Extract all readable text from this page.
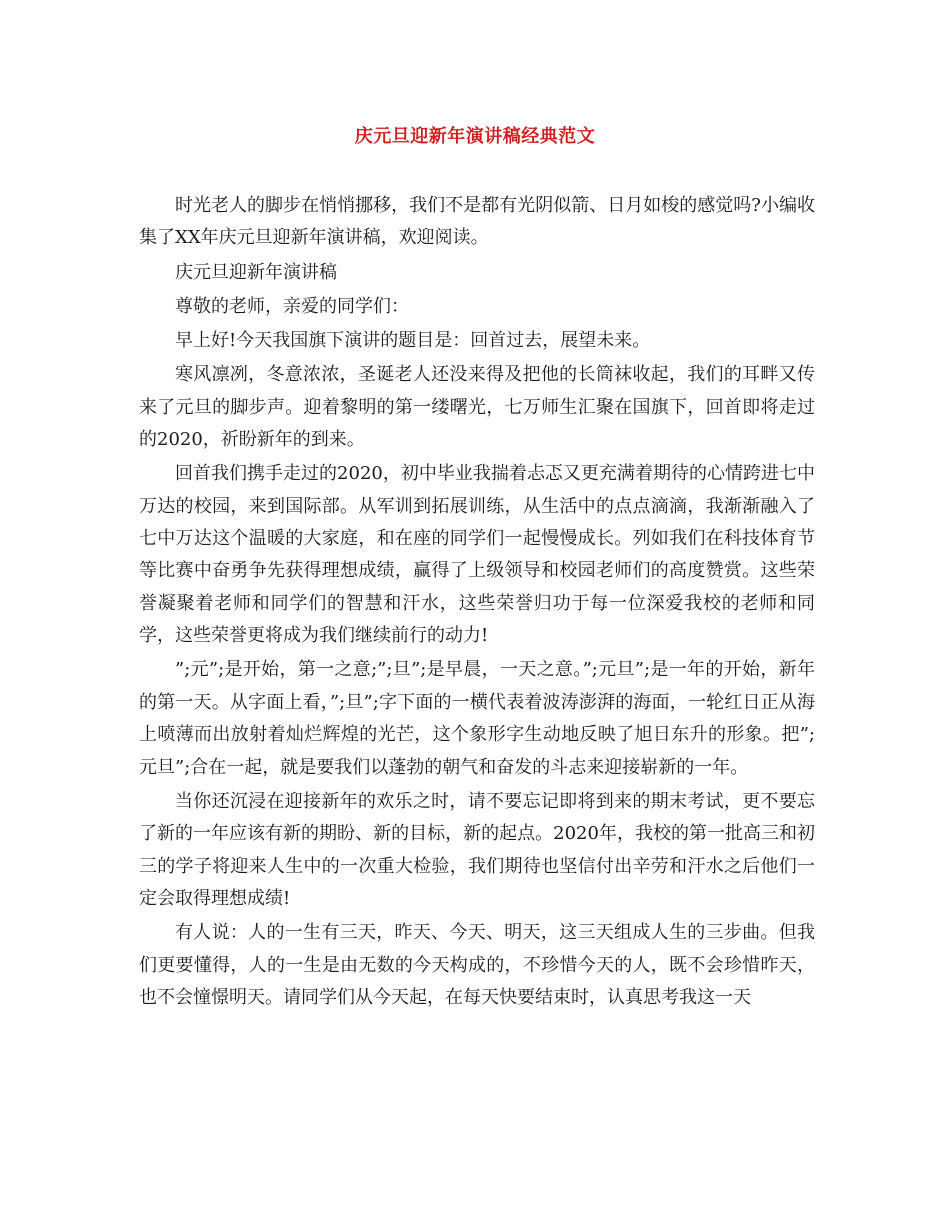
庆元旦迎新年演讲稿经典范文

时光老人的脚步在悄悄挪移，我们不是都有光阴似箭、日月如梭的感觉吗?小编收集了XX年庆元旦迎新年演讲稿，欢迎阅读。

庆元旦迎新年演讲稿

尊敬的老师，亲爱的同学们：

早上好!今天我国旗下演讲的题目是：回首过去，展望未来。

寒风凛冽，冬意浓浓，圣诞老人还没来得及把他的长筒袜收起，我们的耳畔又传来了元旦的脚步声。迎着黎明的第一缕曙光，七万师生汇聚在国旗下，回首即将走过的2020，祈盼新年的到来。

回首我们携手走过的2020，初中毕业我揣着忐忑又更充满着期待的心情跨进七中万达的校园，来到国际部。从军训到拓展训练，从生活中的点点滴滴，我渐渐融入了七中万达这个温暖的大家庭，和在座的同学们一起慢慢成长。列如我们在科技体育节等比赛中奋勇争先获得理想成绩，赢得了上级领导和校园老师们的高度赞赏。这些荣誉凝聚着老师和同学们的智慧和汗水，这些荣誉归功于每一位深爱我校的老师和同学，这些荣誉更将成为我们继续前行的动力!

”;元”;是开始，第一之意;”;旦”;是早晨，一天之意。”;元旦”;是一年的开始，新年的第一天。从字面上看，”;旦”;字下面的一横代表着波涛澎湃的海面，一轮红日正从海上喷薄而出放射着灿烂辉煌的光芒，这个象形字生动地反映了旭日东升的形象。把”;元旦”;合在一起，就是要我们以蓬勃的朝气和奋发的斗志来迎接崭新的一年。

当你还沉浸在迎接新年的欢乐之时，请不要忘记即将到来的期末考试，更不要忘了新的一年应该有新的期盼、新的目标，新的起点。2020年，我校的第一批高三和初三的学子将迎来人生中的一次重大检验，我们期待也坚信付出辛劳和汗水之后他们一定会取得理想成绩!

有人说：人的一生有三天，昨天、今天、明天，这三天组成人生的三步曲。但我们更要懂得，人的一生是由无数的今天构成的，不珍惜今天的人，既不会珍惜昨天，也不会憧憬明天。请同学们从今天起，在每天快要结束时，认真思考我这一天
